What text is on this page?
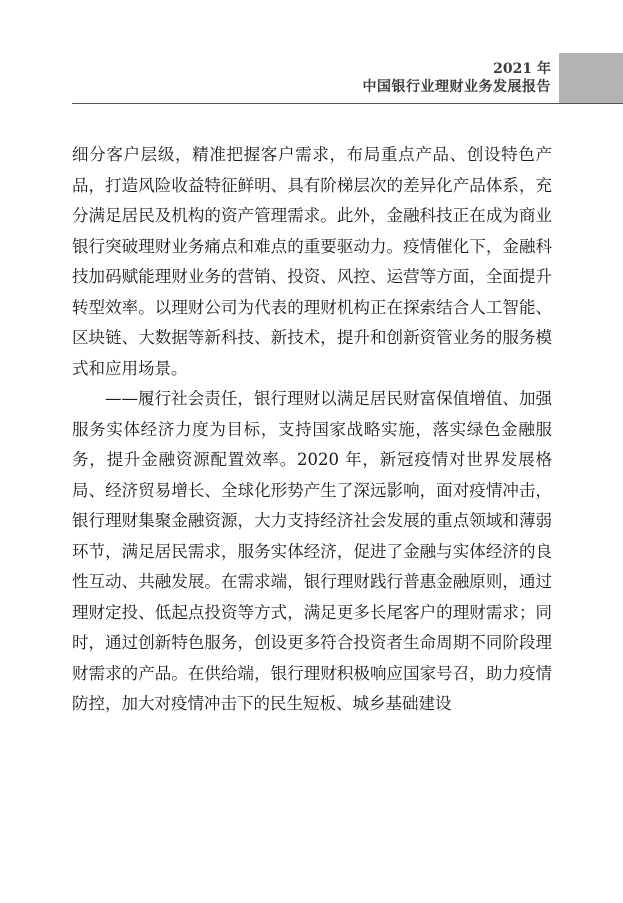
2021 年
中国银行业理财业务发展报告

细分客户层级，精准把握客户需求，布局重点产品、创设特色产品，打造风险收益特征鲜明、具有阶梯层次的差异化产品体系，充分满足居民及机构的资产管理需求。此外，金融科技正在成为商业银行突破理财业务痛点和难点的重要驱动力。疫情催化下，金融科技加码赋能理财业务的营销、投资、风控、运营等方面，全面提升转型效率。以理财公司为代表的理财机构正在探索结合人工智能、区块链、大数据等新科技、新技术，提升和创新资管业务的服务模式和应用场景。

——履行社会责任，银行理财以满足居民财富保值增值、加强服务实体经济力度为目标，支持国家战略实施，落实绿色金融服务，提升金融资源配置效率。2020 年，新冠疫情对世界发展格局、经济贸易增长、全球化形势产生了深远影响，面对疫情冲击，银行理财集聚金融资源，大力支持经济社会发展的重点领域和薄弱环节，满足居民需求，服务实体经济，促进了金融与实体经济的良性互动、共融发展。在需求端，银行理财践行普惠金融原则，通过理财定投、低起点投资等方式，满足更多长尾客户的理财需求；同时，通过创新特色服务，创设更多符合投资者生命周期不同阶段理财需求的产品。在供给端，银行理财积极响应国家号召，助力疫情防控，加大对疫情冲击下的民生短板、城乡基础建设
